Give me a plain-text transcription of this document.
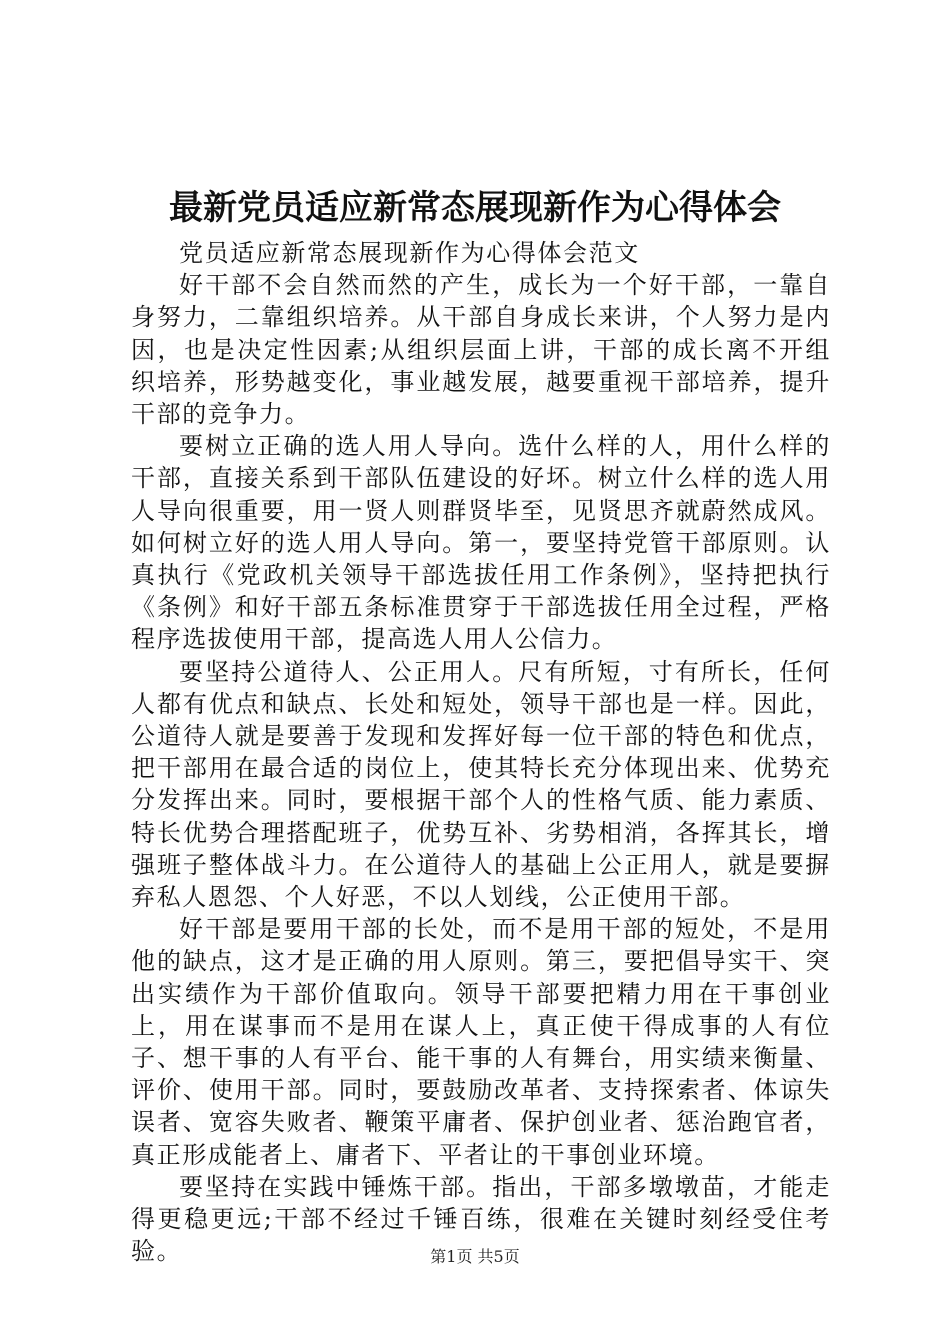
最新党员适应新常态展现新作为心得体会

党员适应新常态展现新作为心得体会范文

好干部不会自然而然的产生，成长为一个好干部，一靠自身努力，二靠组织培养。从干部自身成长来讲，个人努力是内因，也是决定性因素;从组织层面上讲，干部的成长离不开组织培养，形势越变化，事业越发展，越要重视干部培养，提升干部的竞争力。

要树立正确的选人用人导向。选什么样的人，用什么样的干部，直接关系到干部队伍建设的好坏。树立什么样的选人用人导向很重要，用一贤人则群贤毕至，见贤思齐就蔚然成风。如何树立好的选人用人导向。第一，要坚持党管干部原则。认真执行《党政机关领导干部选拔任用工作条例》，坚持把执行《条例》和好干部五条标准贯穿于干部选拔任用全过程，严格程序选拔使用干部，提高选人用人公信力。

要坚持公道待人、公正用人。尺有所短，寸有所长，任何人都有优点和缺点、长处和短处，领导干部也是一样。因此，公道待人就是要善于发现和发挥好每一位干部的特色和优点，把干部用在最合适的岗位上，使其特长充分体现出来、优势充分发挥出来。同时，要根据干部个人的性格气质、能力素质、特长优势合理搭配班子，优势互补、劣势相消，各挥其长，增强班子整体战斗力。在公道待人的基础上公正用人，就是要摒弃私人恩怨、个人好恶，不以人划线，公正使用干部。

好干部是要用干部的长处，而不是用干部的短处，不是用他的缺点，这才是正确的用人原则。第三，要把倡导实干、突出实绩作为干部价值取向。领导干部要把精力用在干事创业上，用在谋事而不是用在谋人上，真正使干得成事的人有位子、想干事的人有平台、能干事的人有舞台，用实绩来衡量、评价、使用干部。同时，要鼓励改革者、支持探索者、体谅失误者、宽容失败者、鞭策平庸者、保护创业者、惩治跑官者，真正形成能者上、庸者下、平者让的干事创业环境。

要坚持在实践中锤炼干部。指出，干部多墩墩苗，才能走得更稳更远;干部不经过千锤百练，很难在关键时刻经受住考验。	第1页 共5页
